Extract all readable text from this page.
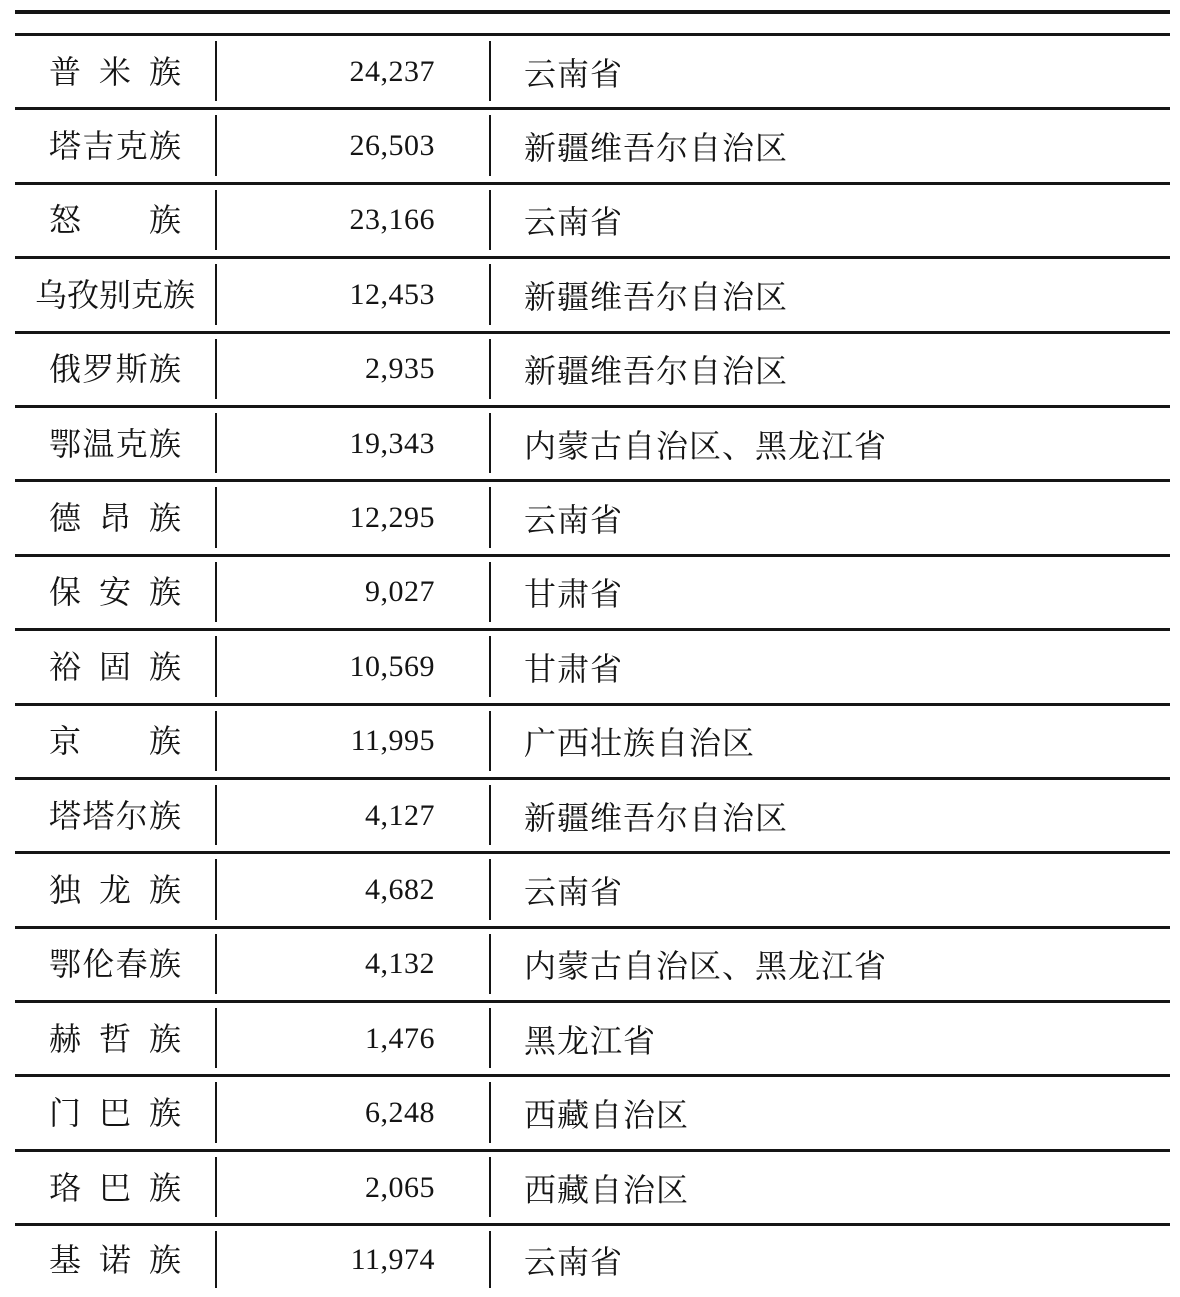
普 米 族	24,237	云南省
塔 吉 克 族	26,503	新疆维吾尔自治区
怒 族	23,166	云南省
乌 孜 别 克 族	12,453	新疆维吾尔自治区
俄 罗 斯 族	2,935	新疆维吾尔自治区
鄂 温 克 族	19,343	内蒙古自治区、黑龙江省
德 昂 族	12,295	云南省
保 安 族	9,027	甘肃省
裕 固 族	10,569	甘肃省
京 族	11,995	广西壮族自治区
塔 塔 尔 族	4,127	新疆维吾尔自治区
独 龙 族	4,682	云南省
鄂 伦 春 族	4,132	内蒙古自治区、黑龙江省
赫 哲 族	1,476	黑龙江省
门 巴 族	6,248	西藏自治区
珞 巴 族	2,065	西藏自治区
基 诺 族	11,974	云南省
